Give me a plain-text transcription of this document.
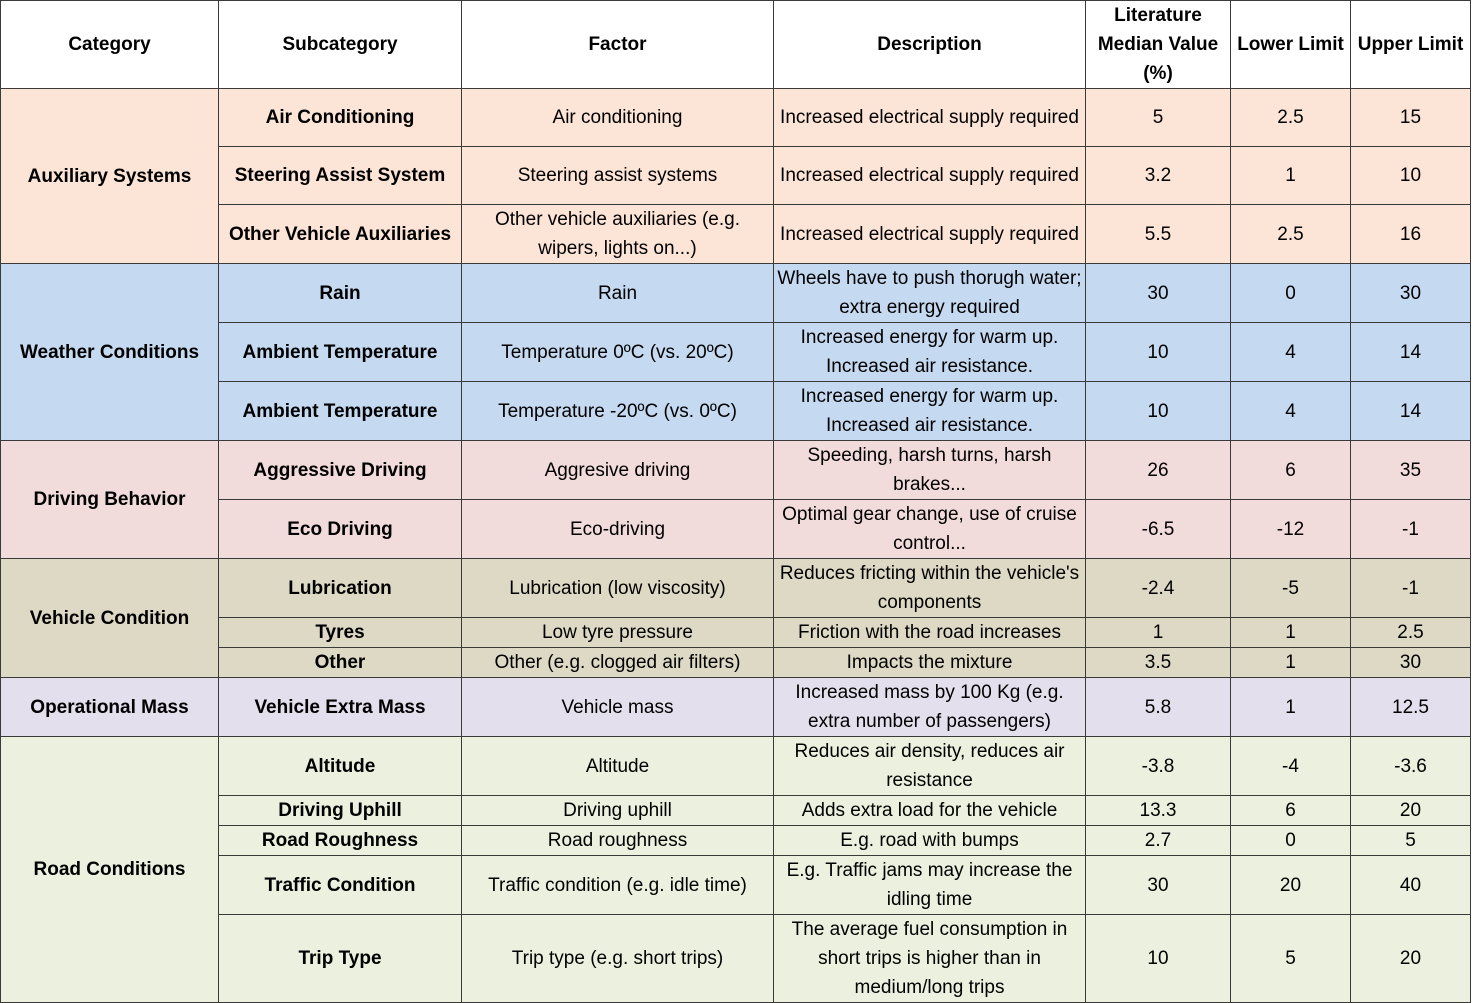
Category	Subcategory	Factor	Description	Literature Median Value (%)	Lower Limit	Upper Limit
Auxiliary Systems	Air Conditioning	Air conditioning	Increased electrical supply required	5	2.5	15
	Steering Assist System	Steering assist systems	Increased electrical supply required	3.2	1	10
	Other Vehicle Auxiliaries	Other vehicle auxiliaries (e.g. wipers, lights on...)	Increased electrical supply required	5.5	2.5	16
Weather Conditions	Rain	Rain	Wheels have to push thorugh water; extra energy required	30	0	30
	Ambient Temperature	Temperature 0ºC (vs. 20ºC)	Increased energy for warm up. Increased air resistance.	10	4	14
	Ambient Temperature	Temperature -20ºC (vs. 0ºC)	Increased energy for warm up. Increased air resistance.	10	4	14
Driving Behavior	Aggressive Driving	Aggresive driving	Speeding, harsh turns, harsh brakes...	26	6	35
	Eco Driving	Eco-driving	Optimal gear change, use of cruise control...	-6.5	-12	-1
Vehicle Condition	Lubrication	Lubrication (low viscosity)	Reduces fricting within the vehicle's components	-2.4	-5	-1
	Tyres	Low tyre pressure	Friction with the road increases	1	1	2.5
	Other	Other (e.g. clogged air filters)	Impacts the mixture	3.5	1	30
Operational Mass	Vehicle Extra Mass	Vehicle mass	Increased mass by 100 Kg (e.g. extra number of passengers)	5.8	1	12.5
Road Conditions	Altitude	Altitude	Reduces air density, reduces air resistance	-3.8	-4	-3.6
	Driving Uphill	Driving uphill	Adds extra load for the vehicle	13.3	6	20
	Road Roughness	Road roughness	E.g. road with bumps	2.7	0	5
	Traffic Condition	Traffic condition (e.g. idle time)	E.g. Traffic jams may increase the idling time	30	20	40
	Trip Type	Trip type (e.g. short trips)	The average fuel consumption in short trips is higher than in medium/long trips	10	5	20
